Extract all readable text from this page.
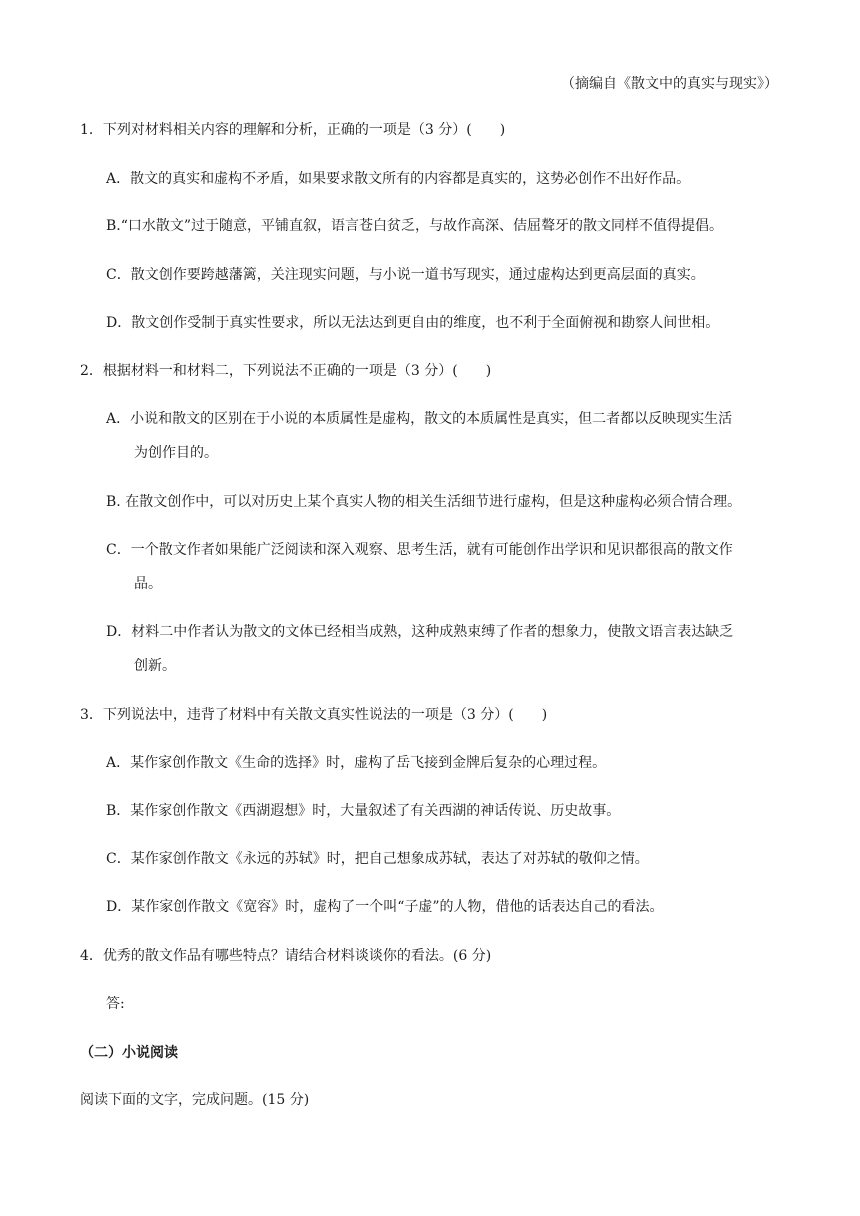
（摘编自《散文中的真实与现实》）
1．下列对材料相关内容的理解和分析，正确的一项是（3 分）(　　)
A．散文的真实和虚构不矛盾，如果要求散文所有的内容都是真实的，这势必创作不出好作品。
B.“口水散文”过于随意，平铺直叙，语言苍白贫乏，与故作高深、佶屈聱牙的散文同样不值得提倡。
C．散文创作要跨越藩篱，关注现实问题，与小说一道书写现实，通过虚构达到更高层面的真实。
D．散文创作受制于真实性要求，所以无法达到更自由的维度，也不利于全面俯视和勘察人间世相。
2．根据材料一和材料二，下列说法不正确的一项是（3 分）(　　)
A．小说和散文的区别在于小说的本质属性是虚构，散文的本质属性是真实，但二者都以反映现实生活
为创作目的。
B. 在散文创作中，可以对历史上某个真实人物的相关生活细节进行虚构，但是这种虚构必须合情合理。
C．一个散文作者如果能广泛阅读和深入观察、思考生活，就有可能创作出学识和见识都很高的散文作
品。
D．材料二中作者认为散文的文体已经相当成熟，这种成熟束缚了作者的想象力，使散文语言表达缺乏
创新。
3．下列说法中，违背了材料中有关散文真实性说法的一项是（3 分）(　　)
A．某作家创作散文《生命的选择》时，虚构了岳飞接到金牌后复杂的心理过程。
B．某作家创作散文《西湖遐想》时，大量叙述了有关西湖的神话传说、历史故事。
C．某作家创作散文《永远的苏轼》时，把自己想象成苏轼，表达了对苏轼的敬仰之情。
D．某作家创作散文《宽容》时，虚构了一个叫“子虚”的人物，借他的话表达自己的看法。
4．优秀的散文作品有哪些特点？请结合材料谈谈你的看法。(6 分)
答:
（二）小说阅读
阅读下面的文字，完成问题。(15 分)
